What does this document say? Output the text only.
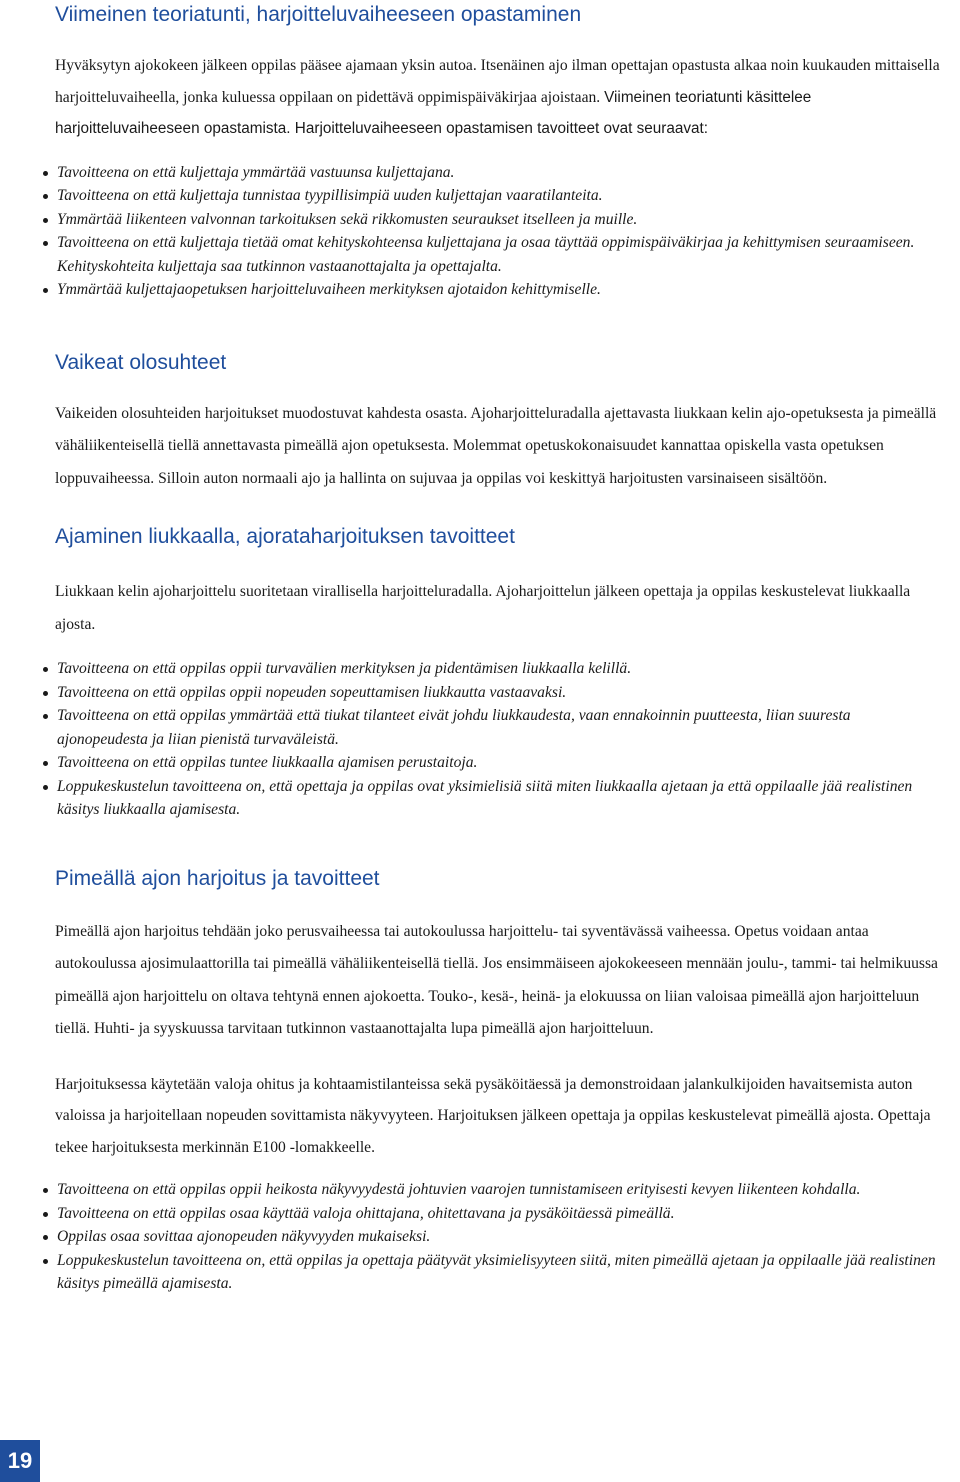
Viimeinen teoriatunti, harjoitteluvaiheeseen opastaminen

Hyväksytyn ajokokeen jälkeen oppilas pääsee ajamaan yksin autoa. Itsenäinen ajo ilman opettajan opastusta alkaa noin kuukauden mittaisella harjoitteluvaiheella, jonka kuluessa oppilaan on pidettävä oppimispäiväkirjaa ajoistaan. Viimeinen teoriatunti käsittelee harjoitteluvaiheeseen opastamista. Harjoitteluvaiheeseen opastamisen tavoitteet ovat seuraavat:

Tavoitteena on että kuljettaja ymmärtää vastuunsa kuljettajana.
Tavoitteena on että kuljettaja tunnistaa tyypillisimpiä uuden kuljettajan vaaratilanteita.
Ymmärtää liikenteen valvonnan tarkoituksen sekä rikkomusten seuraukset itselleen ja muille.
Tavoitteena on että kuljettaja tietää omat kehityskohteensa kuljettajana ja osaa täyttää oppimispäiväkirjaa ja kehittymisen seuraamiseen. Kehityskohteita kuljettaja saa tutkinnon vastaanottajalta ja opettajalta.
Ymmärtää kuljettajaopetuksen harjoitteluvaiheen merkityksen ajotaidon kehittymiselle.
Vaikeat olosuhteet

Vaikeiden olosuhteiden harjoitukset muodostuvat kahdesta osasta. Ajoharjoitteluradalla ajettavasta liukkaan kelin ajo-opetuksesta ja pimeällä vähäliikenteisellä tiellä annettavasta pimeällä ajon opetuksesta. Molemmat opetuskokonaisuudet kannattaa opiskella vasta opetuksen loppuvaiheessa. Silloin auton normaali ajo ja hallinta on sujuvaa ja oppilas voi keskittyä harjoitusten varsinaiseen sisältöön.

Ajaminen liukkaalla, ajorataharjoituksen tavoitteet

Liukkaan kelin ajoharjoittelu suoritetaan virallisella harjoitteluradalla. Ajoharjoittelun jälkeen opettaja ja oppilas keskustelevat liukkaalla ajosta.

Tavoitteena on että oppilas oppii turvavälien merkityksen ja pidentämisen liukkaalla kelillä.
Tavoitteena on että oppilas oppii nopeuden sopeuttamisen liukkautta vastaavaksi.
Tavoitteena on että oppilas ymmärtää että tiukat tilanteet eivät johdu liukkaudesta, vaan ennakoinnin puutteesta, liian suuresta ajonopeudesta ja liian pienistä turvaväleistä.
Tavoitteena on että oppilas tuntee liukkaalla ajamisen perustaitoja.
Loppukeskustelun tavoitteena on, että opettaja ja oppilas ovat yksimielisiä siitä miten liukkaalla ajetaan ja että oppilaalle jää realistinen käsitys liukkaalla ajamisesta.
Pimeällä ajon harjoitus ja tavoitteet

Pimeällä ajon harjoitus tehdään joko perusvaiheessa tai autokoulussa harjoittelu- tai syventävässä vaiheessa. Opetus voidaan antaa autokoulussa ajosimulaattorilla tai pimeällä vähäliikenteisellä tiellä. Jos ensimmäiseen ajokokeeseen mennään joulu-, tammi- tai helmikuussa pimeällä ajon harjoittelu on oltava tehtynä ennen ajokoetta. Touko-, kesä-, heinä- ja elokuussa on liian valoisaa pimeällä ajon harjoitteluun tiellä. Huhti- ja syyskuussa tarvitaan tutkinnon vastaanottajalta lupa pimeällä ajon harjoitteluun.

Harjoituksessa käytetään valoja ohitus ja kohtaamistilanteissa sekä pysäköitäessä ja demonstroidaan jalankulkijoiden havaitsemista auton valoissa ja harjoitellaan nopeuden sovittamista näkyvyyteen. Harjoituksen jälkeen opettaja ja oppilas keskustelevat pimeällä ajosta. Opettaja tekee harjoituksesta merkinnän E100 -lomakkeelle.

Tavoitteena on että oppilas oppii heikosta näkyvyydestä johtuvien vaarojen tunnistamiseen erityisesti kevyen liikenteen kohdalla.
Tavoitteena on että oppilas osaa käyttää valoja ohittajana, ohitettavana ja pysäköitäessä pimeällä.
Oppilas osaa sovittaa ajonopeuden näkyvyyden mukaiseksi.
Loppukeskustelun tavoitteena on, että oppilas ja opettaja päätyvät yksimielisyyteen siitä, miten pimeällä ajetaan ja oppilaalle jää realistinen käsitys pimeällä ajamisesta.
19
